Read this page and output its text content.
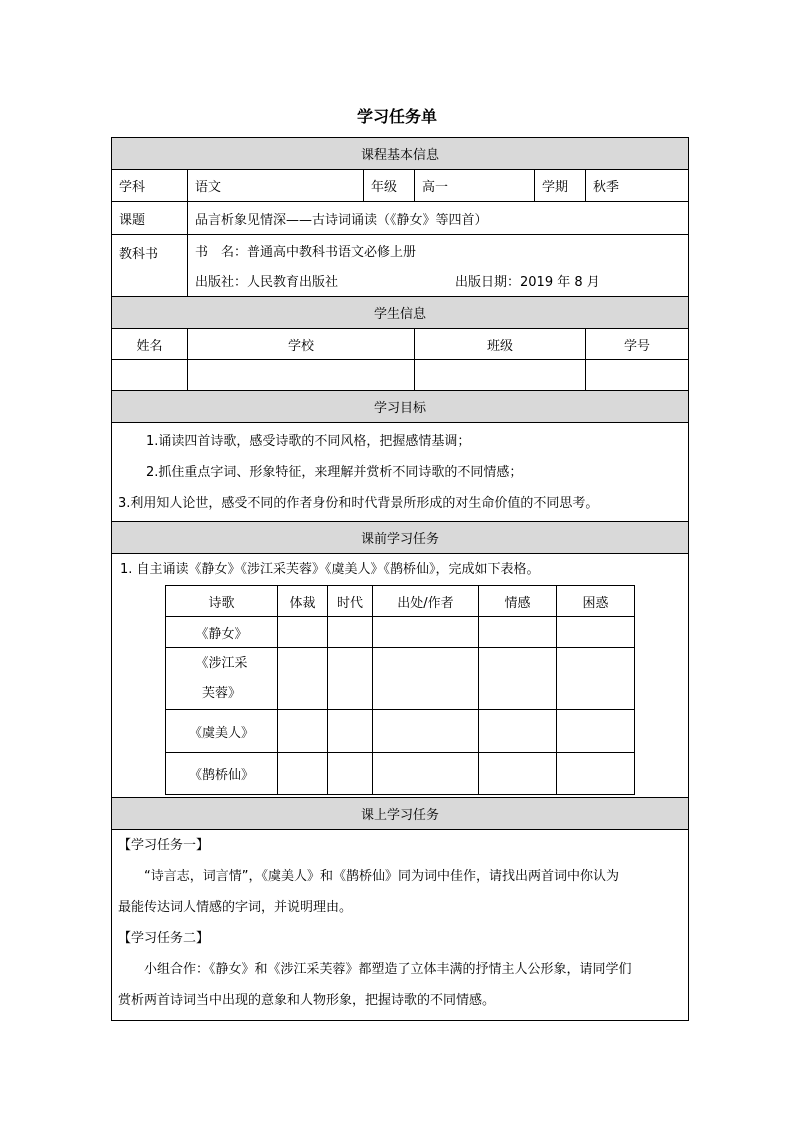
学习任务单
课程基本信息
学科	语文	年级	高一	学期	秋季
课题	品言析象见情深——古诗词诵读（《静女》等四首）
教科书	书　名：普通高中教科书语文必修上册
出版社：人民教育出版社	出版日期：2019 年 8 月

学生信息
姓名	学校	班级	学号

学习目标

1.诵读四首诗歌，感受诗歌的不同风格，把握感情基调；
2.抓住重点字词、形象特征，来理解并赏析不同诗歌的不同情感；
3.利用知人论世，感受不同的作者身份和时代背景所形成的对生命价值的不同思考。

课前学习任务

1. 自主诵读《静女》《涉江采芙蓉》《虞美人》《鹊桥仙》，完成如下表格。
诗歌	体裁	时代	出处/作者	情感	困惑
《静女》					
《涉江采芙蓉》					
《虞美人》					
《鹊桥仙》					

课上学习任务

【学习任务一】
“诗言志，词言情”，《虞美人》和《鹊桥仙》同为词中佳作，请找出两首词中你认为
最能传达词人情感的字词，并说明理由。
【学习任务二】
小组合作：《静女》和《涉江采芙蓉》都塑造了立体丰满的抒情主人公形象，请同学们
赏析两首诗词当中出现的意象和人物形象，把握诗歌的不同情感。
